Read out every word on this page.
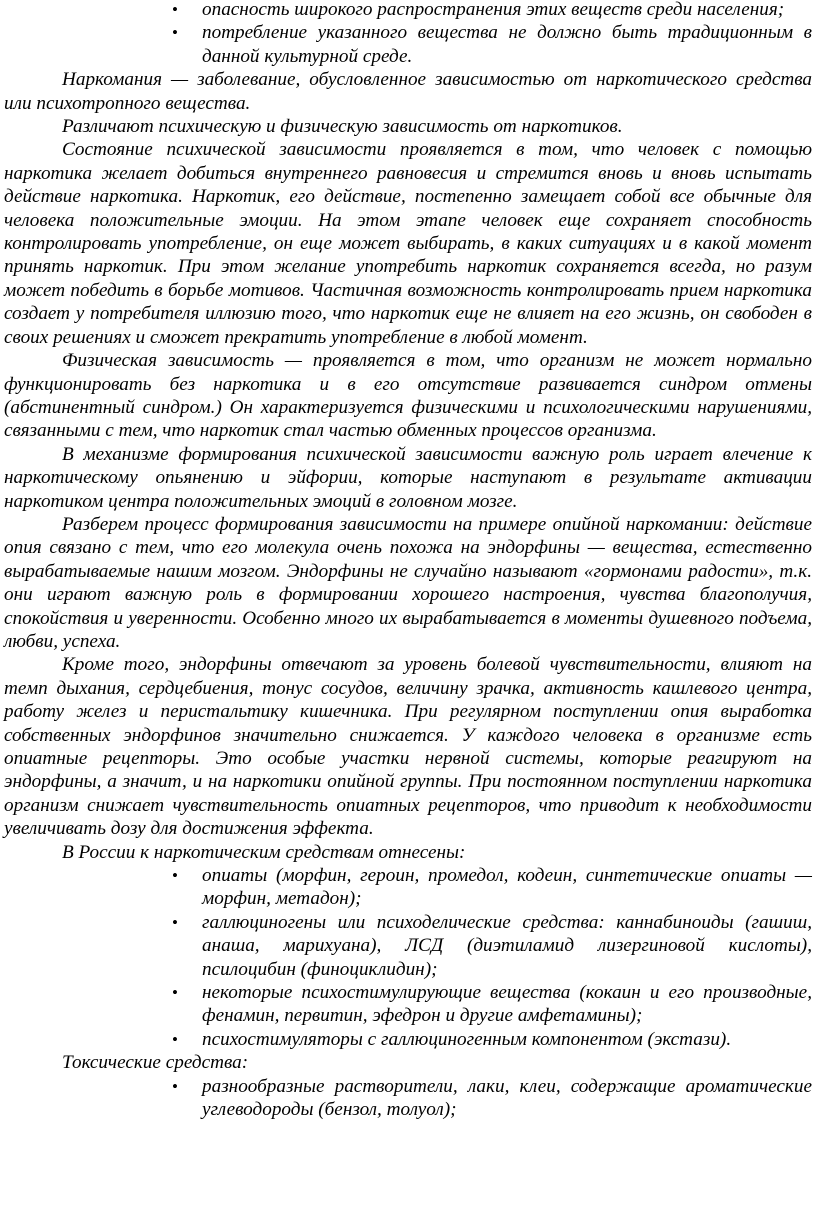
• опасность широкого распространения этих веществ среди населения;
• потребление указанного вещества не должно быть традиционным в данной культурной среде.

Наркомания — заболевание, обусловленное зависимостью от наркотического средства или психотропного вещества.

Различают психическую и физическую зависимость от наркотиков.

Состояние психической зависимости проявляется в том, что человек с помощью наркотика желает добиться внутреннего равновесия и стремится вновь и вновь испытать действие наркотика. Наркотик, его действие, постепенно замещает собой все обычные для человека положительные эмоции. На этом этапе человек еще сохраняет способность контролировать употребление, он еще может выбирать, в каких ситуациях и в какой момент принять наркотик. При этом желание употребить наркотик сохраняется всегда, но разум может победить в борьбе мотивов. Частичная возможность контролировать прием наркотика создает у потребителя иллюзию того, что наркотик еще не влияет на его жизнь, он свободен в своих решениях и сможет прекратить употребление в любой момент.

Физическая зависимость — проявляется в том, что организм не может нормально функционировать без наркотика и в его отсутствие развивается синдром отмены (абстинентный синдром.) Он характеризуется физическими и психологическими нарушениями, связанными с тем, что наркотик стал частью обменных процессов организма.

В механизме формирования психической зависимости важную роль играет влечение к наркотическому опьянению и эйфории, которые наступают в результате активации наркотиком центра положительных эмоций в головном мозге.

Разберем процесс формирования зависимости на примере опийной наркомании: действие опия связано с тем, что его молекула очень похожа на эндорфины — вещества, естественно вырабатываемые нашим мозгом. Эндорфины не случайно называют «гормонами радости», т.к. они играют важную роль в формировании хорошего настроения, чувства благополучия, спокойствия и уверенности. Особенно много их вырабатывается в моменты душевного подъема, любви, успеха.

Кроме того, эндорфины отвечают за уровень болевой чувствительности, влияют на темп дыхания, сердцебиения, тонус сосудов, величину зрачка, активность кашлевого центра, работу желез и перистальтику кишечника. При регулярном поступлении опия выработка собственных эндорфинов значительно снижается. У каждого человека в организме есть опиатные рецепторы. Это особые участки нервной системы, которые реагируют на эндорфины, а значит, и на наркотики опийной группы. При постоянном поступлении наркотика организм снижает чувствительность опиатных рецепторов, что приводит к необходимости увеличивать дозу для достижения эффекта.

В России к наркотическим средствам отнесены:

• опиаты (морфин, героин, промедол, кодеин, синтетические опиаты — морфин, метадон);
• галлюциногены или психоделические средства: каннабиноиды (гашиш, анаша, марихуана), ЛСД (диэтиламид лизергиновой кислоты), псилоцибин (финоциклидин);
• некоторые психостимулирующие вещества (кокаин и его производные, фенамин, первитин, эфедрон и другие амфетамины);
• психостимуляторы с галлюциногенным компонентом (экстази).

Токсические средства:

• разнообразные растворители, лаки, клеи, содержащие ароматические углеводороды (бензол, толуол);
